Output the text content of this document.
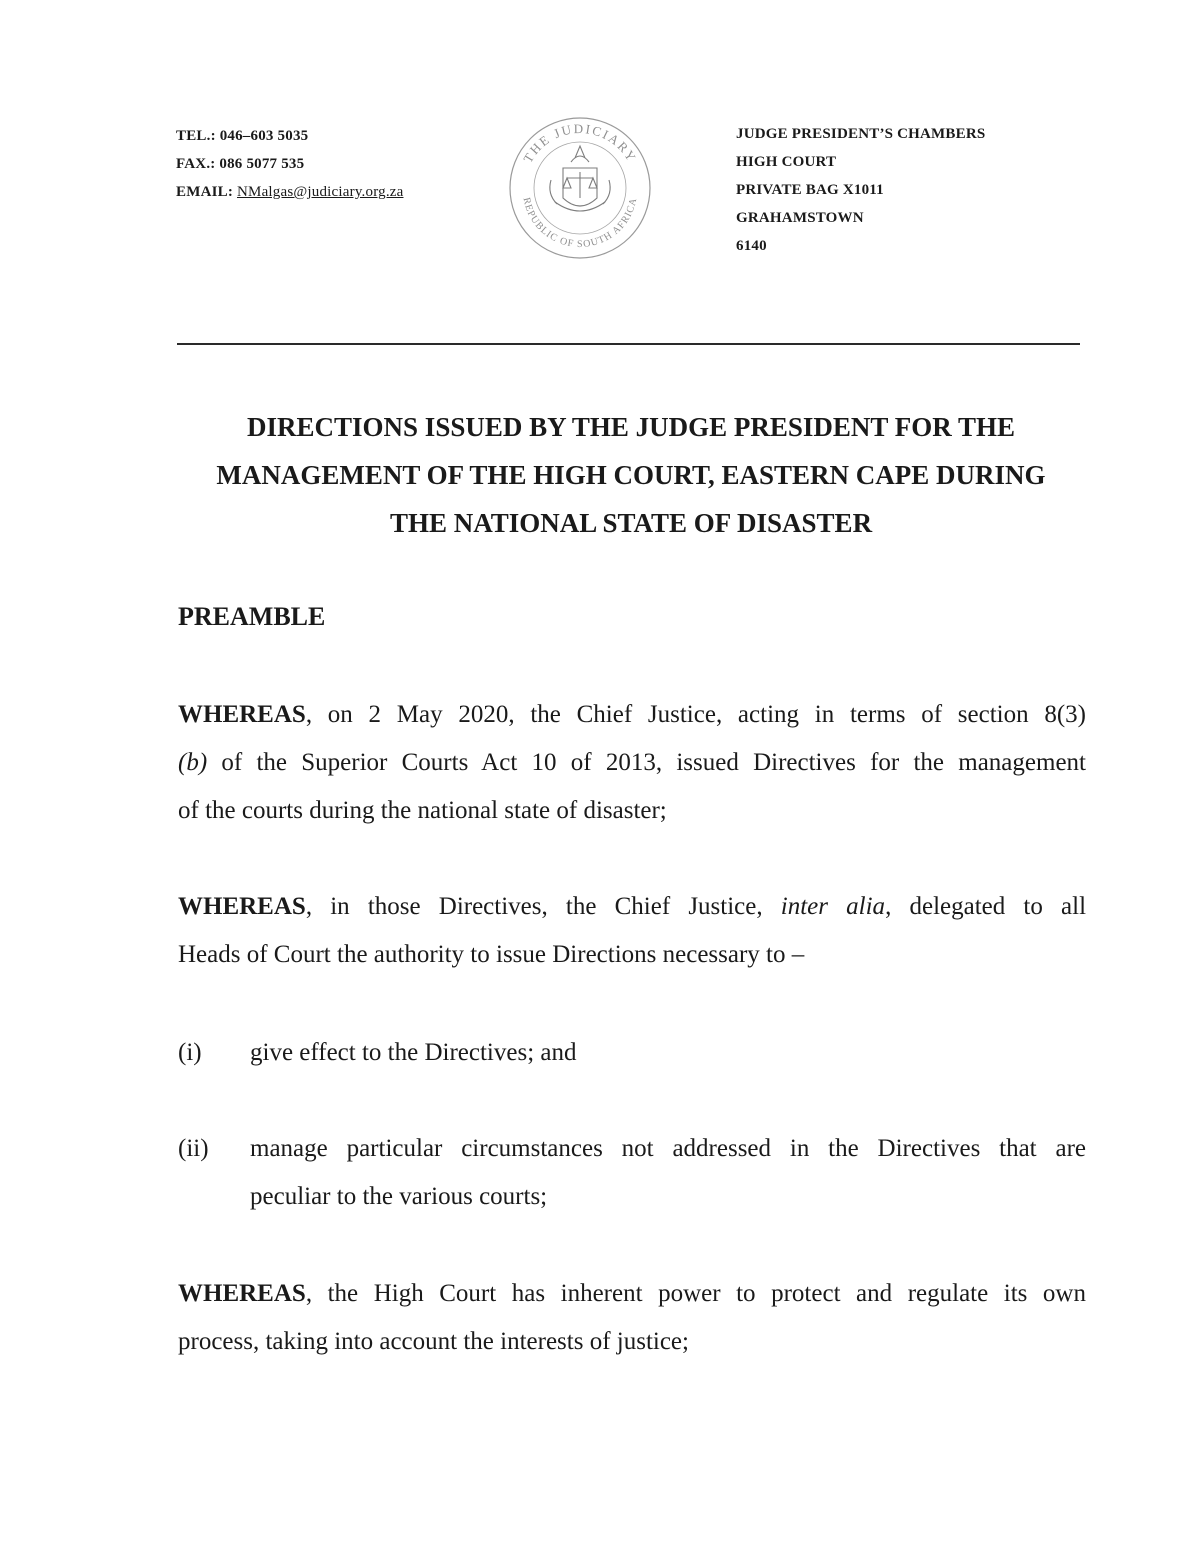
TEL.: 046–603 5035
FAX.: 086 5077 535
EMAIL: NMalgas@judiciary.org.za
THE JUDICIARY
REPUBLIC OF SOUTH AFRICA
JUDGE PRESIDENT’S CHAMBERS
HIGH COURT
PRIVATE BAG X1011
GRAHAMSTOWN
6140
DIRECTIONS ISSUED BY THE JUDGE PRESIDENT FOR THE
MANAGEMENT OF THE HIGH COURT, EASTERN CAPE DURING
THE NATIONAL STATE OF DISASTER
PREAMBLE
WHEREAS, on 2 May 2020, the Chief Justice, acting in terms of section 8(3)
(b) of the Superior Courts Act 10 of 2013, issued Directives for the management
of the courts during the national state of disaster;
WHEREAS, in those Directives, the Chief Justice, inter alia, delegated to all
Heads of Court the authority to issue Directions necessary to –
(i) give effect to the Directives; and
(ii) manage particular circumstances not addressed in the Directives that are
peculiar to the various courts;
WHEREAS, the High Court has inherent power to protect and regulate its own
process, taking into account the interests of justice;
